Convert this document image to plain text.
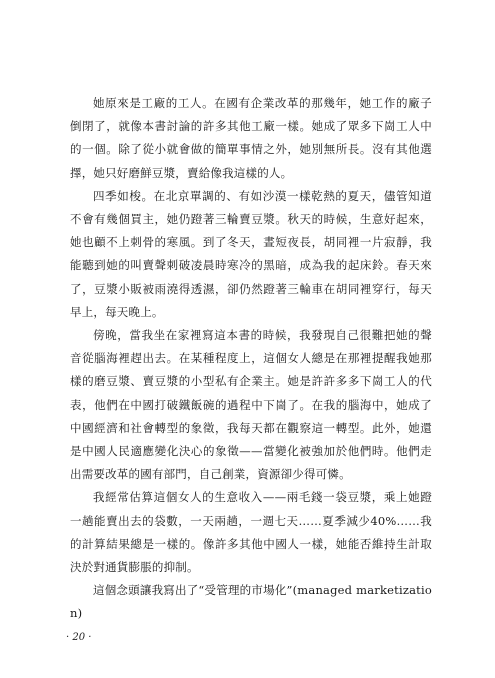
她原來是工廠的工人。在國有企業改革的那幾年，她工作的廠子倒閉了，就像本書討論的許多其他工廠一樣。她成了眾多下崗工人中的一個。除了從小就會做的簡單事情之外，她別無所長。沒有其他選擇，她只好磨鮮豆漿，賣給像我這樣的人。

四季如梭。在北京單調的、有如沙漠一樣乾熱的夏天，儘管知道不會有幾個買主，她仍蹬著三輪賣豆漿。秋天的時候，生意好起來，她也顧不上刺骨的寒風。到了冬天，晝短夜長，胡同裡一片寂靜，我能聽到她的叫賣聲刺破凌晨時寒冷的黑暗，成為我的起床鈴。春天來了，豆漿小販被雨澆得透濕，卻仍然蹬著三輪車在胡同裡穿行，每天早上，每天晚上。

傍晚，當我坐在家裡寫這本書的時候，我發現自己很難把她的聲音從腦海裡趕出去。在某種程度上，這個女人總是在那裡提醒我她那樣的磨豆漿、賣豆漿的小型私有企業主。她是許許多多下崗工人的代表，他們在中國打破鐵飯碗的過程中下崗了。在我的腦海中，她成了中國經濟和社會轉型的象徵，我每天都在觀察這一轉型。此外，她還是中國人民適應變化決心的象徵——當變化被強加於他們時。他們走出需要改革的國有部門，自己創業，資源卻少得可憐。

我經常估算這個女人的生意收入——兩毛錢一袋豆漿，乘上她蹬一趟能賣出去的袋數，一天兩趟，一週七天……夏季減少40%……我的計算結果總是一樣的。像許多其他中國人一樣，她能否維持生計取決於對通貨膨脹的抑制。

這個念頭讓我寫出了“受管理的市場化”(managed marketization)

· 20 ·
